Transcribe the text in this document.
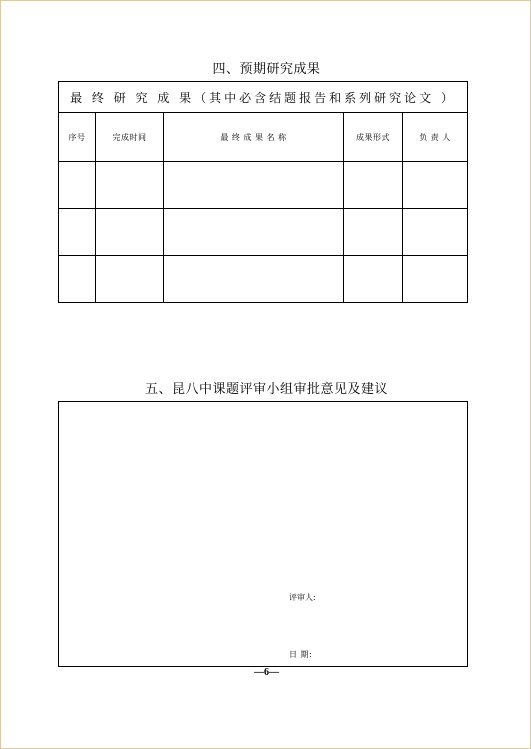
四、预期研究成果
最 终 研 究 成 果（其中必含结题报告和系列研究论文 ）				
序号	完成时间	最 终 成 果 名 称	成果形式	负 责 人

五、昆八中课题评审小组审批意见及建议
评审人:
日 期:
—6—
